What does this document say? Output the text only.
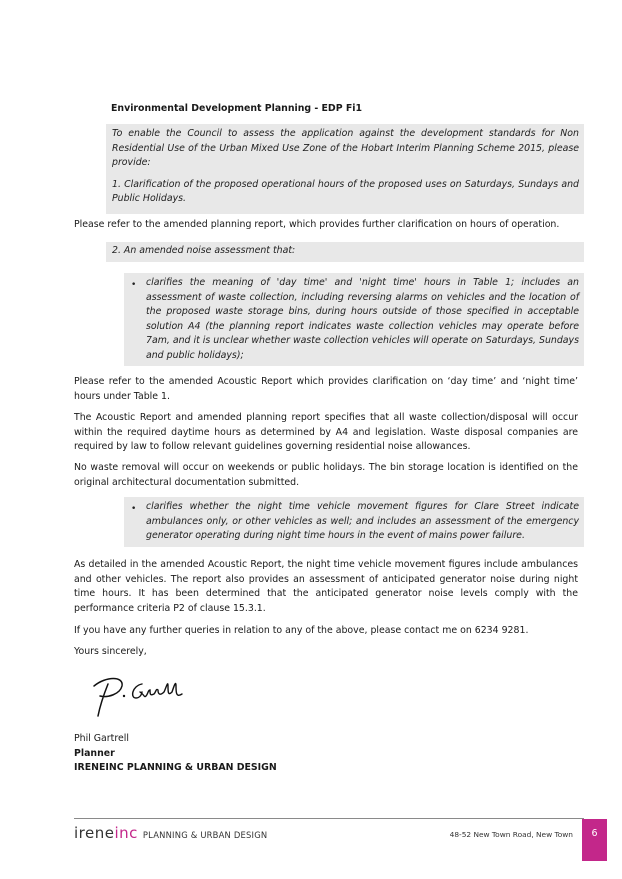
Environmental Development Planning - EDP Fi1

To enable the Council to assess the application against the development standards for Non Residential Use of the Urban Mixed Use Zone of the Hobart Interim Planning Scheme 2015, please provide:

1. Clarification of the proposed operational hours of the proposed uses on Saturdays, Sundays and Public Holidays.

Please refer to the amended planning report, which provides further clarification on hours of operation.

2. An amended noise assessment that:

• clarifies the meaning of 'day time' and 'night time' hours in Table 1; includes an assessment of waste collection, including reversing alarms on vehicles and the location of the proposed waste storage bins, during hours outside of those specified in acceptable solution A4 (the planning report indicates waste collection vehicles may operate before 7am, and it is unclear whether waste collection vehicles will operate on Saturdays, Sundays and public holidays);

Please refer to the amended Acoustic Report which provides clarification on ‘day time’ and ‘night time’ hours under Table 1.

The Acoustic Report and amended planning report specifies that all waste collection/disposal will occur within the required daytime hours as determined by A4 and legislation. Waste disposal companies are required by law to follow relevant guidelines governing residential noise allowances.

No waste removal will occur on weekends or public holidays. The bin storage location is identified on the original architectural documentation submitted.

• clarifies whether the night time vehicle movement figures for Clare Street indicate ambulances only, or other vehicles as well; and includes an assessment of the emergency generator operating during night time hours in the event of mains power failure.

As detailed in the amended Acoustic Report, the night time vehicle movement figures include ambulances and other vehicles. The report also provides an assessment of anticipated generator noise during night time hours. It has been determined that the anticipated generator noise levels comply with the performance criteria P2 of clause 15.3.1.

If you have any further queries in relation to any of the above, please contact me on 6234 9281.

Yours sincerely,

Phil Gartrell
Planner
IRENEINC PLANNING & URBAN DESIGN
ireneinc PLANNING & URBAN DESIGN	48-52 New Town Road, New Town	6
